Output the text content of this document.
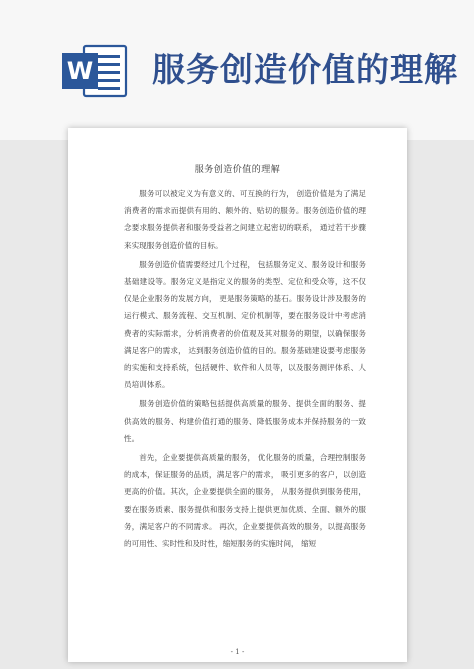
W 服务创造价值的理解
服务创造价值的理解

服务可以被定义为有意义的、可互换的行为， 创造价值是为了满足消费者的需求而提供有用的、额外的、贴切的服务。服务创造价值的理念要求服务提供者和服务受益者之间建立起密切的联系， 通过若干步骤来实现服务创造价值的目标。

服务创造价值需要经过几个过程， 包括服务定义、服务设计和服务基础建设等。服务定义是指定义的服务的类型、定位和受众等，这不仅仅是企业服务的发展方向， 更是服务策略的基石。服务设计涉及服务的运行模式、服务流程、交互机制、定价机制等，要在服务设计中考虑消费者的实际需求，分析消费者的价值观及其对服务的期望，以确保服务满足客户的需求， 达到服务创造价值的目的。服务基础建设要考虑服务的实施和支持系统，包括硬件、软件和人员等，以及服务测评体系、人员培训体系。

服务创造价值的策略包括提供高质量的服务、提供全面的服务、提供高效的服务、构建价值打通的服务、降低服务成本并保持服务的一致性。

首先，企业要提供高质量的服务， 优化服务的质量，合理控制服务的成本，保证服务的品质，满足客户的需求， 吸引更多的客户，以创造更高的价值。其次，企业要提供全面的服务， 从服务提供到服务使用，要在服务质素、服务提供和服务支持上提供更加优质、全面、额外的服务，满足客户的不同需求。 再次，企业要提供高效的服务，以提高服务的可用性、实时性和及时性，缩短服务的实施时间， 缩短

- 1 -
